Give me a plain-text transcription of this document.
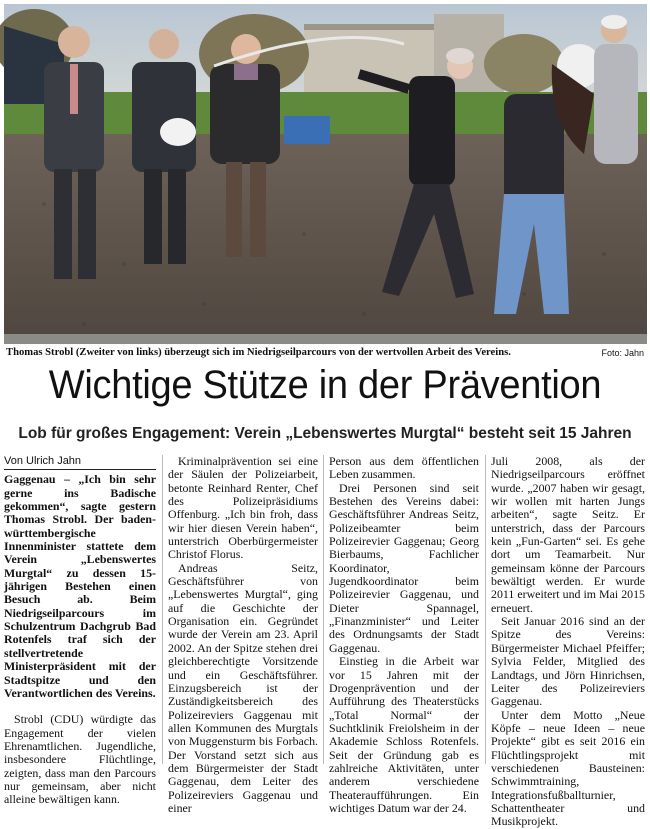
Thomas Strobl (Zweiter von links) überzeugt sich im Niedrigseilparcours von der wertvollen Arbeit des Vereins.	Foto: Jahn
Wichtige Stütze in der Prävention
Lob für großes Engagement: Verein „Lebenswertes Murgtal“ besteht seit 15 Jahren
Von Ulrich Jahn

Gaggenau – „Ich bin sehr gerne ins Badische gekommen“, sagte gestern Thomas Strobl. Der baden-württembergische Innenminister stattete dem Verein „Lebenswertes Murgtal“ zu dessen 15-jährigen Bestehen einen Besuch ab. Beim Niedrigseilparcours im Schulzentrum Dachgrub Bad Rotenfels traf sich der stellvertretende Ministerpräsident mit der Stadtspitze und den Verantwortlichen des Vereins.

Strobl (CDU) würdigte das Engagement der vielen Ehrenamtlichen. Jugendliche, insbesondere Flüchtlinge, zeigten, dass man den Parcours nur gemeinsam, aber nicht alleine bewältigen kann.

Kriminalprävention sei eine der Säulen der Polizeiarbeit, betonte Reinhard Renter, Chef des Polizeipräsidiums Offenburg. „Ich bin froh, dass wir hier diesen Verein haben“, unterstrich Oberbürgermeister Christof Florus.

Andreas Seitz, Geschäftsführer von „Lebenswertes Murgtal“, ging auf die Geschichte der Organisation ein. Gegründet wurde der Verein am 23. April 2002. An der Spitze stehen drei gleichberechtigte Vorsitzende und ein Geschäftsführer. Einzugsbereich ist der Zuständigkeitsbereich des Polizeireviers Gaggenau mit allen Kommunen des Murgtals von Muggensturm bis Forbach. Der Vorstand setzt sich aus dem Bürgermeister der Stadt Gaggenau, dem Leiter des Polizeireviers Gaggenau und einer

Person aus dem öffentlichen Leben zusammen.

Drei Personen sind seit Bestehen des Vereins dabei: Geschäftsführer Andreas Seitz, Polizeibeamter beim Polizeirevier Gaggenau; Georg Bierbaums, Fachlicher Koordinator, Jugendkoordinator beim Polizeirevier Gaggenau, und Dieter Spannagel, „Finanzminister“ und Leiter des Ordnungsamts der Stadt Gaggenau.

Einstieg in die Arbeit war vor 15 Jahren mit der Drogenprävention und der Aufführung des Theaterstücks „Total Normal“ der Suchtklinik Freiolsheim in der Akademie Schloss Rotenfels. Seit der Gründung gab es zahlreiche Aktivitäten, unter anderem verschiedene Theateraufführungen. Ein wichtiges Datum war der 24.

Juli 2008, als der Niedrigseilparcours eröffnet wurde. „2007 haben wir gesagt, wir wollen mit harten Jungs arbeiten“, sagte Seitz. Er unterstrich, dass der Parcours kein „Fun-Garten“ sei. Es gehe dort um Teamarbeit. Nur gemeinsam könne der Parcours bewältigt werden. Er wurde 2011 erweitert und im Mai 2015 erneuert.

Seit Januar 2016 sind an der Spitze des Vereins: Bürgermeister Michael Pfeiffer; Sylvia Felder, Mitglied des Landtags, und Jörn Hinrichsen, Leiter des Polizeireviers Gaggenau.

Unter dem Motto „Neue Köpfe – neue Ideen – neue Projekte“ gibt es seit 2016 ein Flüchtlingsprojekt mit verschiedenen Bausteinen: Schwimmtraining, Integrationsfußballturnier, Schattentheater und Musikprojekt.
